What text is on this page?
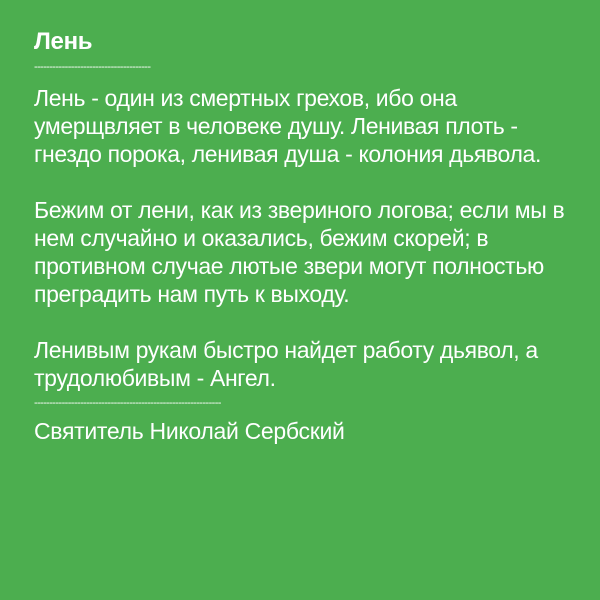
Лень
--------------------------------------

Лень - один из смертных грехов, ибо она умерщвляет в человеке душу. Ленивая плоть - гнездо порока, ленивая душа - колония дьявола.

Бежим от лени, как из звериного логова; если мы в нем случайно и оказались, бежим скорей; в противном случае лютые звери могут полностью преградить нам путь к выходу.

Ленивым рукам быстро найдет работу дьявол, а трудолюбивым - Ангел.

-------------------------------------------------------------
Святитель Николай Сербский
